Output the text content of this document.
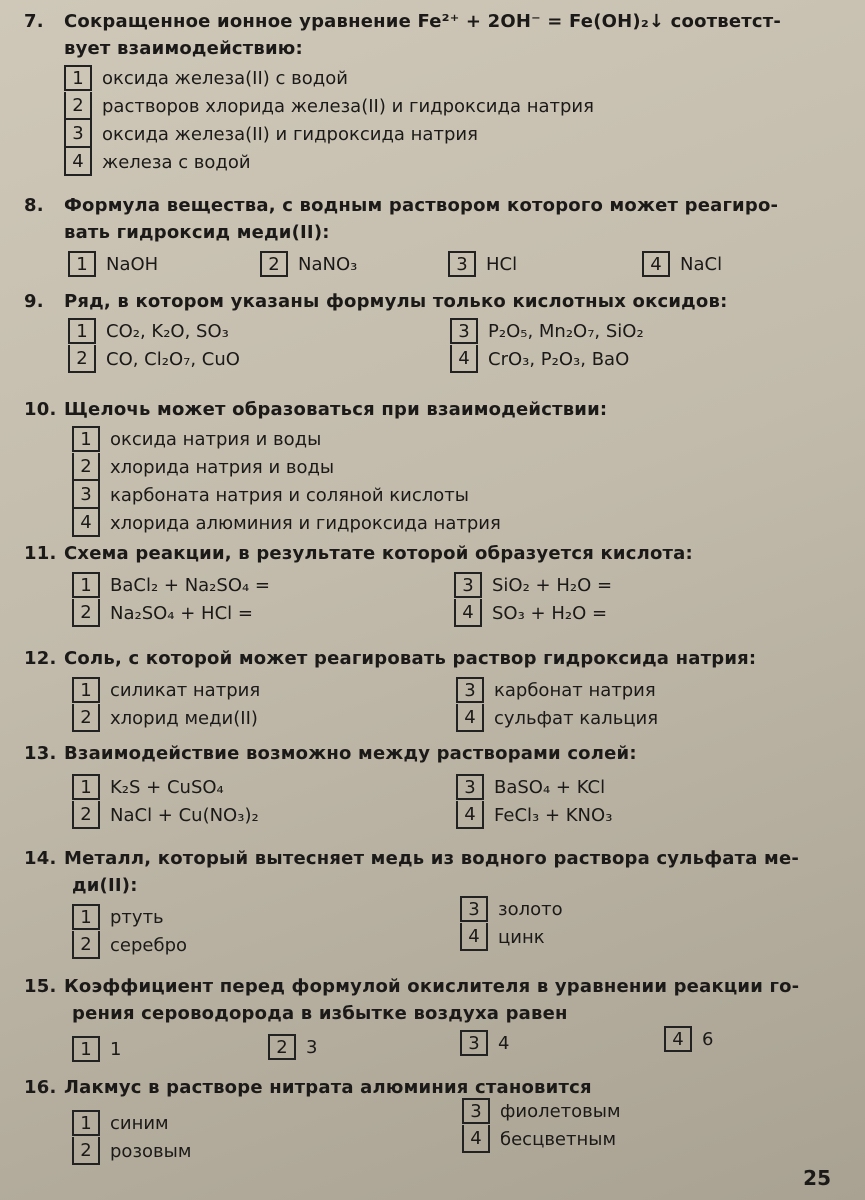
7. Сокращенное ионное уравнение Fe²⁺ + 2OH⁻ = Fe(OH)₂↓ соответст-
вует взаимодействию:
1	оксида железа(II) с водой
2	растворов хлорида железа(II) и гидроксида натрия
3	оксида железа(II) и гидроксида натрия
4	железа с водой
8. Формула вещества, с водным раствором которого может реагиро-
вать гидроксид меди(II):
1	NaOH	2	NaNO₃	3	HCl	4	NaCl
9. Ряд, в котором указаны формулы только кислотных оксидов:
1	CO₂, K₂O, SO₃
2	CO, Cl₂O₇, CuO
3	P₂O₅, Mn₂O₇, SiO₂
4	CrO₃, P₂O₃, BaO
10. Щелочь может образоваться при взаимодействии:
1	оксида натрия и воды
2	хлорида натрия и воды
3	карбоната натрия и соляной кислоты
4	хлорида алюминия и гидроксида натрия
11. Схема реакции, в результате которой образуется кислота:
1	BaCl₂ + Na₂SO₄ =
2	Na₂SO₄ + HCl =
3	SiO₂ + H₂O =
4	SO₃ + H₂O =
12. Соль, с которой может реагировать раствор гидроксида натрия:
1	силикат натрия
2	хлорид меди(II)
3	карбонат натрия
4	сульфат кальция
13. Взаимодействие возможно между растворами солей:
1	K₂S + CuSO₄
2	NaCl + Cu(NO₃)₂
3	BaSO₄ + KCl
4	FeCl₃ + KNO₃
14. Металл, который вытесняет медь из водного раствора сульфата ме-
ди(II):
1	ртуть
2	серебро
3	золото
4	цинк
15. Коэффициент перед формулой окислителя в уравнении реакции го-
рения сероводорода в избытке воздуха равен
1	1	2	3	3	4	4	6
16. Лакмус в растворе нитрата алюминия становится
1	синим
2	розовым
3	фиолетовым
4	бесцветным
25
